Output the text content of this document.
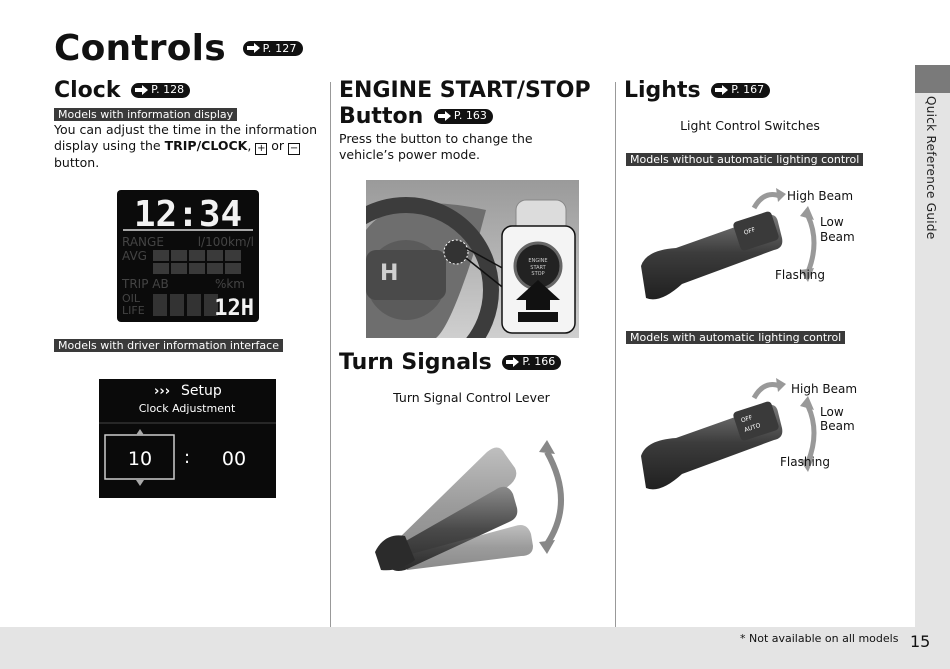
Quick Reference Guide
Controls	P. 127
Clock	P. 128
Models with information display
You can adjust the time in the information display using the TRIP/CLOCK, + or − button.
12:34
RANGE	l/100km/l
AVG
TRIP AB	%km
OIL
LIFE	12H
Models with driver information interface
››› Setup
Clock Adjustment
10 : 00
ENGINE START/STOP
Button	P. 163
Press the button to change the vehicle’s power mode.
H	ENGINE
START
STOP
Turn Signals	P. 166
Turn Signal Control Lever
Lights	P. 167
Light Control Switches
Models without automatic lighting control
OFF
High Beam
Low
Beam
Flashing
Models with automatic lighting control
OFF
AUTO
High Beam
Low
Beam
Flashing
* Not available on all models 15
